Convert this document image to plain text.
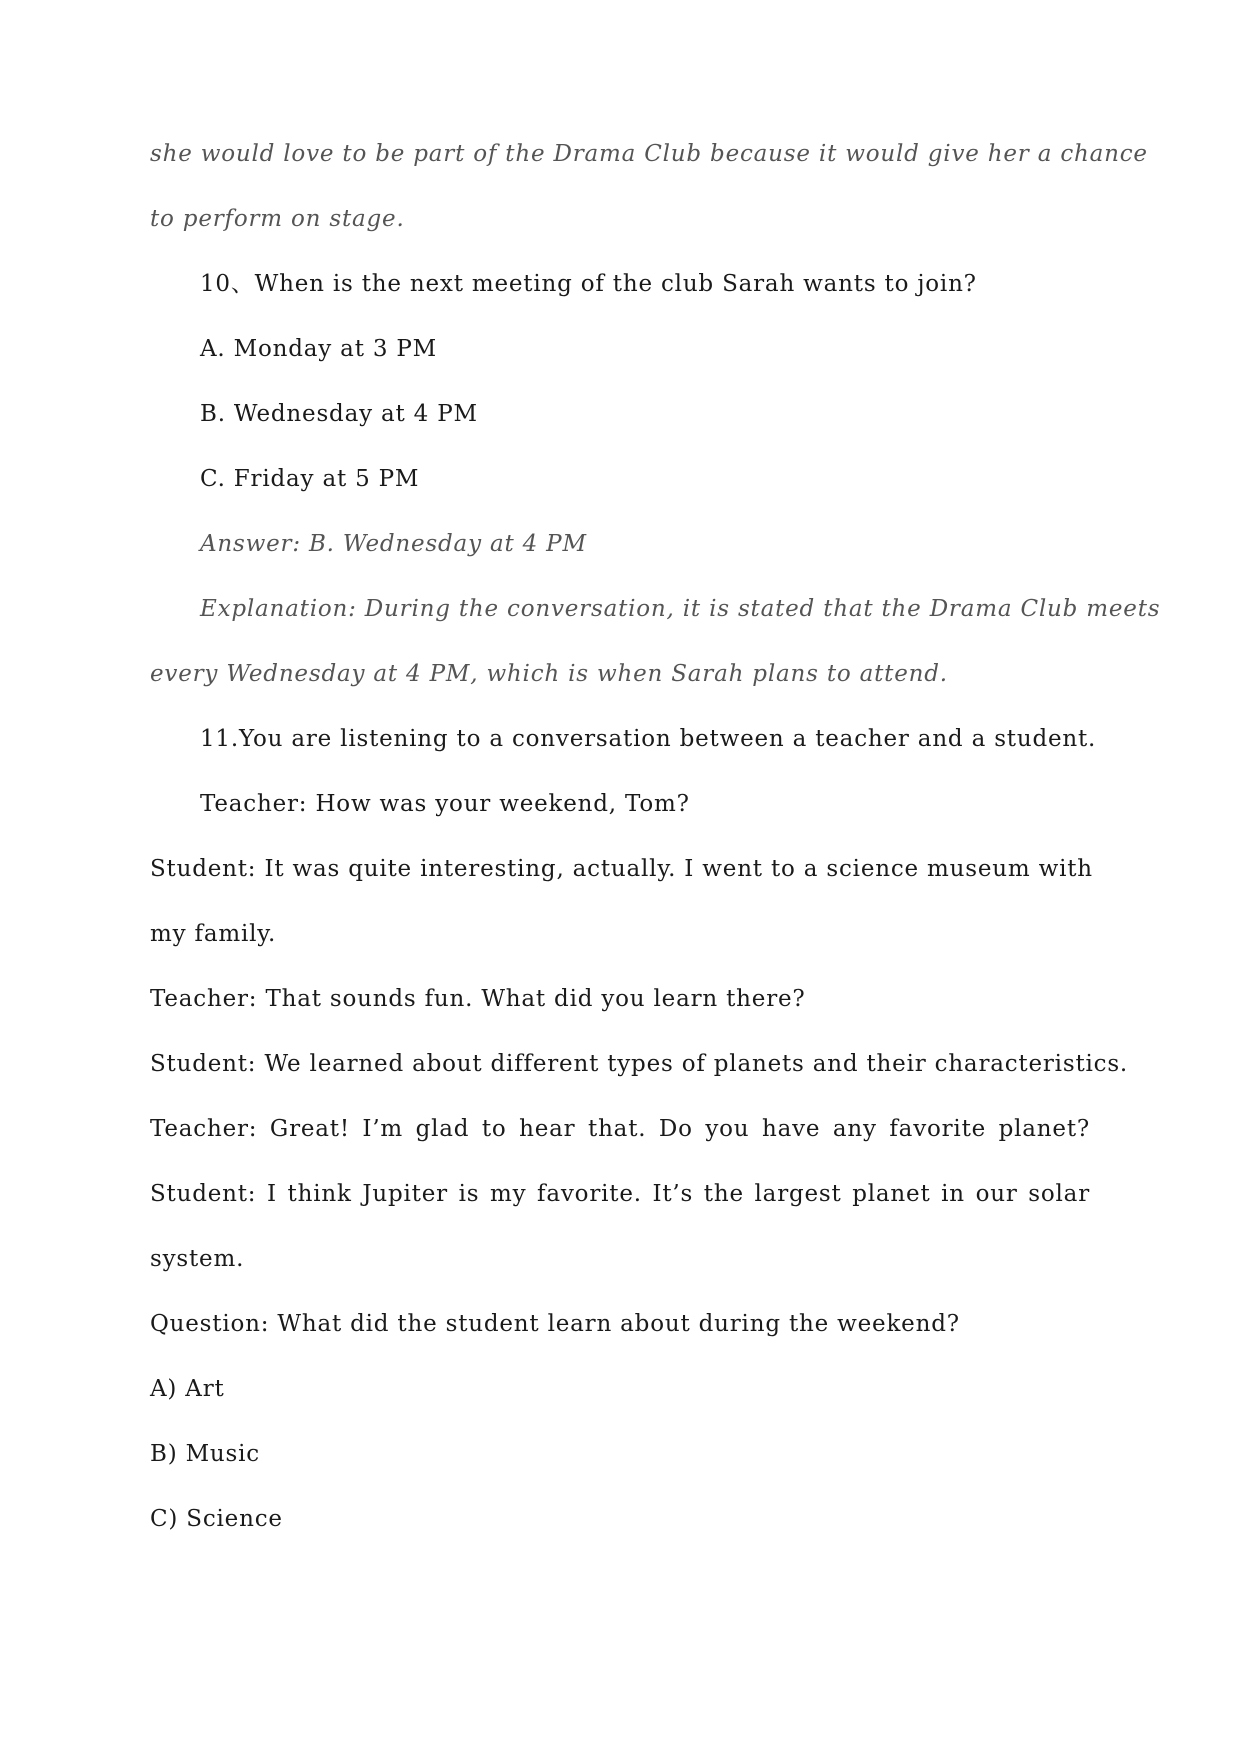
she would love to be part of the Drama Club because it would give her a chance
to perform on stage.
10、When is the next meeting of the club Sarah wants to join?
A. Monday at 3 PM
B. Wednesday at 4 PM
C. Friday at 5 PM
Answer: B. Wednesday at 4 PM
Explanation: During the conversation, it is stated that the Drama Club meets
every Wednesday at 4 PM, which is when Sarah plans to attend.
11.You are listening to a conversation between a teacher and a student.
Teacher: How was your weekend, Tom?
Student: It was quite interesting, actually. I went to a science museum with
my family.
Teacher: That sounds fun. What did you learn there?
Student: We learned about different types of planets and their characteristics.
Teacher: Great! I’m glad to hear that. Do you have any favorite planet?
Student: I think Jupiter is my favorite. It’s the largest planet in our solar
system.
Question: What did the student learn about during the weekend?
A) Art
B) Music
C) Science
